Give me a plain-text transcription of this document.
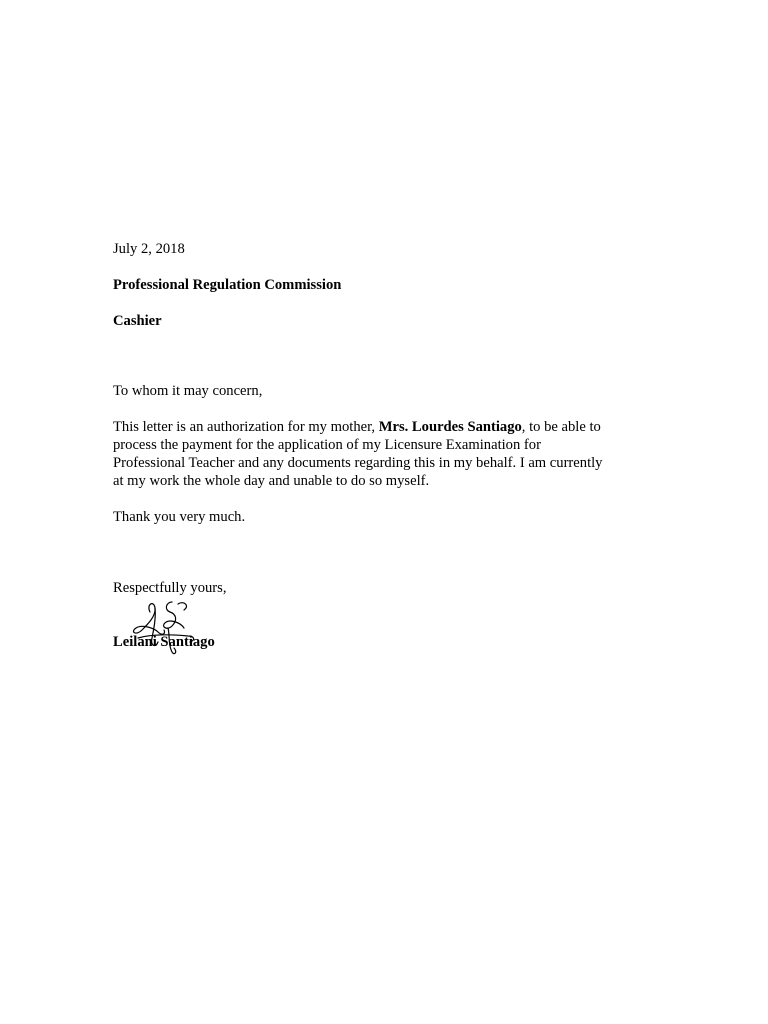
July 2, 2018
Professional Regulation Commission
Cashier
To whom it may concern,
This letter is an authorization for my mother, Mrs. Lourdes Santiago, to be able to
process the payment for the application of my Licensure Examination for
Professional Teacher and any documents regarding this in my behalf. I am currently
at my work the whole day and unable to do so myself.
Thank you very much.
Respectfully yours,
Leilani Santiago
